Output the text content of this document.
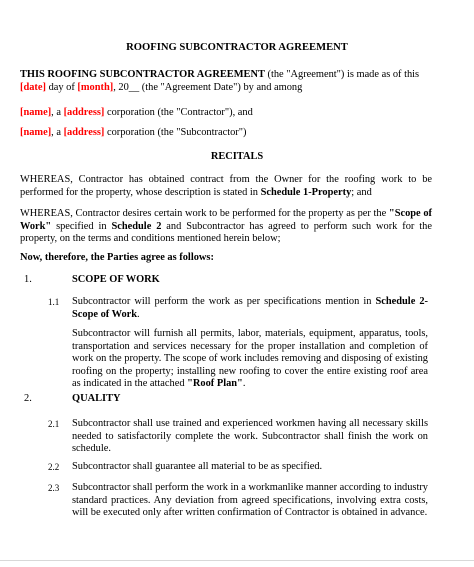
ROOFING SUBCONTRACTOR AGREEMENT
THIS ROOFING SUBCONTRACTOR AGREEMENT (the "Agreement") is made as of this
[date] day of [month], 20__ (the "Agreement Date") by and among
[name], a [address] corporation (the "Contractor"), and
[name], a [address] corporation (the "Subcontractor")
RECITALS
WHEREAS, Contractor has obtained contract from the Owner for the roofing work to be performed for the property, whose description is stated in Schedule 1-Property; and
WHEREAS, Contractor desires certain work to be performed for the property as per the "Scope of Work" specified in Schedule 2 and Subcontractor has agreed to perform such work for the property, on the terms and conditions mentioned herein below;
Now, therefore, the Parties agree as follows:
1.	SCOPE OF WORK
1.1 Subcontractor will perform the work as per specifications mention in Schedule 2-Scope of Work.
Subcontractor will furnish all permits, labor, materials, equipment, apparatus, tools, transportation and services necessary for the proper installation and completion of work on the property. The scope of work includes removing and disposing of existing roofing on the property; installing new roofing to cover the entire existing roof area as indicated in the attached "Roof Plan".
2.	QUALITY
2.1 Subcontractor shall use trained and experienced workmen having all necessary skills needed to satisfactorily complete the work. Subcontractor shall finish the work on schedule.
2.2 Subcontractor shall guarantee all material to be as specified.
2.3 Subcontractor shall perform the work in a workmanlike manner according to industry standard practices. Any deviation from agreed specifications, involving extra costs, will be executed only after written confirmation of Contractor is obtained in advance.
